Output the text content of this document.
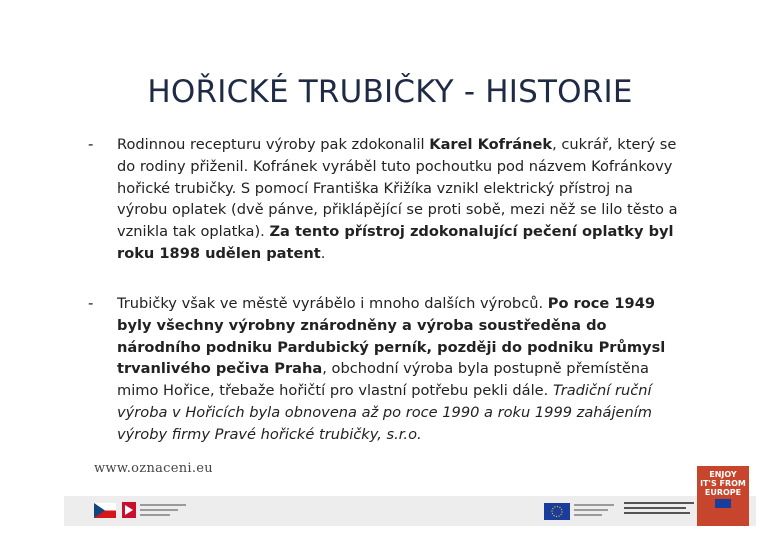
HOŘICKÉ TRUBIČKY - HISTORIE
- Rodinnou recepturu výroby pak zdokonalil Karel Kofránek, cukrář, který se do rodiny přiženil. Kofránek vyráběl tuto pochoutku pod názvem Kofránkovy hořické trubičky. S pomocí Františka Křižíka vznikl elektrický přístroj na výrobu oplatek (dvě pánve, přiklápějící se proti sobě, mezi něž se lilo těsto a vznikla tak oplatka). Za tento přístroj zdokonalující pečení oplatky byl roku 1898 udělen patent.
- Trubičky však ve městě vyrábělo i mnoho dalších výrobců. Po roce 1949 byly všechny výrobny znárodněny a výroba soustředěna do národního podniku Pardubický perník, později do podniku Průmysl trvanlivého pečiva Praha, obchodní výroba byla postupně přemístěna mimo Hořice, třebaže hořičtí pro vlastní potřebu pekli dále. Tradiční ruční výroba v Hořicích byla obnovena až po roce 1990 a roku 1999 zahájením výroby firmy Pravé hořické trubičky, s.r.o.
www.oznaceni.eu	ENJOY
IT'S FROM
EUROPE
